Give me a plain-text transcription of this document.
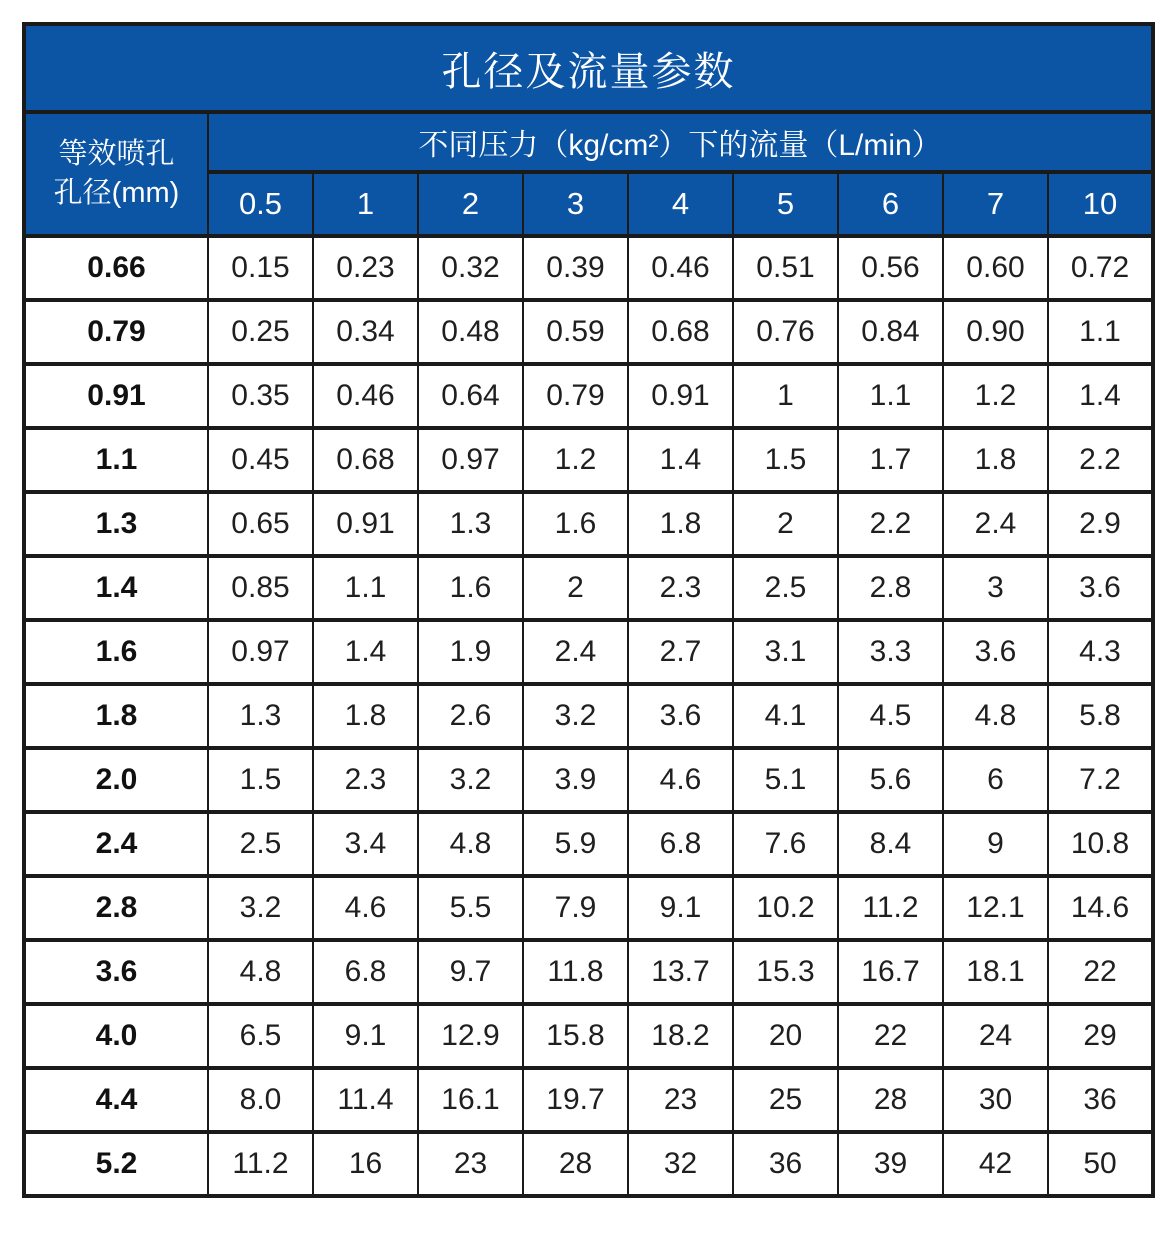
孔径及流量参数									

等效喷孔
孔径(mm)	不同压力（kg/cm²）下的流量（L/min）								
	0.5	1	2	3	4	5	6	7	10
0.66	0.15	0.23	0.32	0.39	0.46	0.51	0.56	0.60	0.72
0.79	0.25	0.34	0.48	0.59	0.68	0.76	0.84	0.90	1.1
0.91	0.35	0.46	0.64	0.79	0.91	1	1.1	1.2	1.4
1.1	0.45	0.68	0.97	1.2	1.4	1.5	1.7	1.8	2.2
1.3	0.65	0.91	1.3	1.6	1.8	2	2.2	2.4	2.9
1.4	0.85	1.1	1.6	2	2.3	2.5	2.8	3	3.6
1.6	0.97	1.4	1.9	2.4	2.7	3.1	3.3	3.6	4.3
1.8	1.3	1.8	2.6	3.2	3.6	4.1	4.5	4.8	5.8
2.0	1.5	2.3	3.2	3.9	4.6	5.1	5.6	6	7.2
2.4	2.5	3.4	4.8	5.9	6.8	7.6	8.4	9	10.8
2.8	3.2	4.6	5.5	7.9	9.1	10.2	11.2	12.1	14.6
3.6	4.8	6.8	9.7	11.8	13.7	15.3	16.7	18.1	22
4.0	6.5	9.1	12.9	15.8	18.2	20	22	24	29
4.4	8.0	11.4	16.1	19.7	23	25	28	30	36
5.2	11.2	16	23	28	32	36	39	42	50
